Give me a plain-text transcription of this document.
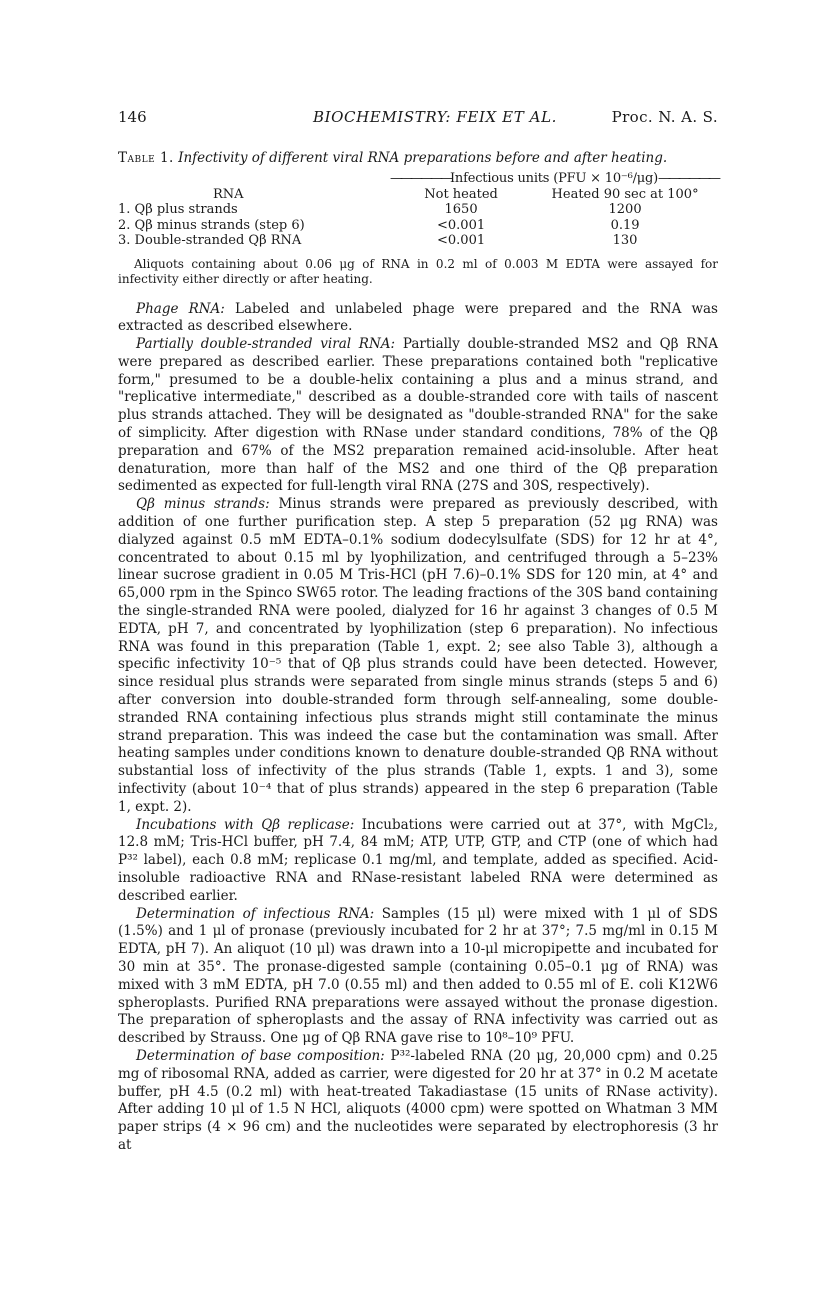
146	BIOCHEMISTRY: FEIX ET AL.	Proc. N. A. S.
Table 1. Infectivity of different viral RNA preparations before and after heating.
	——————Infectious units (PFU × 10⁻⁶/μg)——————	
RNA	Not heated	Heated 90 sec at 100°
1. Qβ plus strands	1650	1200
2. Qβ minus strands (step 6)	<0.001	0.19
3. Double-stranded Qβ RNA	<0.001	130
Aliquots containing about 0.06 μg of RNA in 0.2 ml of 0.003 M EDTA were assayed for infectivity either directly or after heating.

Phage RNA: Labeled and unlabeled phage were prepared and the RNA was extracted as described elsewhere.

Partially double-stranded viral RNA: Partially double-stranded MS2 and Qβ RNA were prepared as described earlier. These preparations contained both "replicative form," presumed to be a double-helix containing a plus and a minus strand, and "replicative intermediate," described as a double-stranded core with tails of nascent plus strands attached. They will be designated as "double-stranded RNA" for the sake of simplicity. After digestion with RNase under standard conditions, 78% of the Qβ preparation and 67% of the MS2 preparation remained acid-insoluble. After heat denaturation, more than half of the MS2 and one third of the Qβ preparation sedimented as expected for full-length viral RNA (27S and 30S, respectively).

Qβ minus strands: Minus strands were prepared as previously described, with addition of one further purification step. A step 5 preparation (52 μg RNA) was dialyzed against 0.5 mM EDTA–0.1% sodium dodecylsulfate (SDS) for 12 hr at 4°, concentrated to about 0.15 ml by lyophilization, and centrifuged through a 5–23% linear sucrose gradient in 0.05 M Tris-HCl (pH 7.6)–0.1% SDS for 120 min, at 4° and 65,000 rpm in the Spinco SW65 rotor. The leading fractions of the 30S band containing the single-stranded RNA were pooled, dialyzed for 16 hr against 3 changes of 0.5 M EDTA, pH 7, and concentrated by lyophilization (step 6 preparation). No infectious RNA was found in this preparation (Table 1, expt. 2; see also Table 3), although a specific infectivity 10⁻⁵ that of Qβ plus strands could have been detected. However, since residual plus strands were separated from single minus strands (steps 5 and 6) after conversion into double-stranded form through self-annealing, some double-stranded RNA containing infectious plus strands might still contaminate the minus strand preparation. This was indeed the case but the contamination was small. After heating samples under conditions known to denature double-stranded Qβ RNA without substantial loss of infectivity of the plus strands (Table 1, expts. 1 and 3), some infectivity (about 10⁻⁴ that of plus strands) appeared in the step 6 preparation (Table 1, expt. 2).

Incubations with Qβ replicase: Incubations were carried out at 37°, with MgCl₂, 12.8 mM; Tris-HCl buffer, pH 7.4, 84 mM; ATP, UTP, GTP, and CTP (one of which had P³² label), each 0.8 mM; replicase 0.1 mg/ml, and template, added as specified. Acid-insoluble radioactive RNA and RNase-resistant labeled RNA were determined as described earlier.

Determination of infectious RNA: Samples (15 μl) were mixed with 1 μl of SDS (1.5%) and 1 μl of pronase (previously incubated for 2 hr at 37°; 7.5 mg/ml in 0.15 M EDTA, pH 7). An aliquot (10 μl) was drawn into a 10-μl micropipette and incubated for 30 min at 35°. The pronase-digested sample (containing 0.05–0.1 μg of RNA) was mixed with 3 mM EDTA, pH 7.0 (0.55 ml) and then added to 0.55 ml of E. coli K12W6 spheroplasts. Purified RNA preparations were assayed without the pronase digestion. The preparation of spheroplasts and the assay of RNA infectivity was carried out as described by Strauss. One μg of Qβ RNA gave rise to 10⁸–10⁹ PFU.

Determination of base composition: P³²-labeled RNA (20 μg, 20,000 cpm) and 0.25 mg of ribosomal RNA, added as carrier, were digested for 20 hr at 37° in 0.2 M acetate buffer, pH 4.5 (0.2 ml) with heat-treated Takadiastase (15 units of RNase activity). After adding 10 μl of 1.5 N HCl, aliquots (4000 cpm) were spotted on Whatman 3 MM paper strips (4 × 96 cm) and the nucleotides were separated by electrophoresis (3 hr at
